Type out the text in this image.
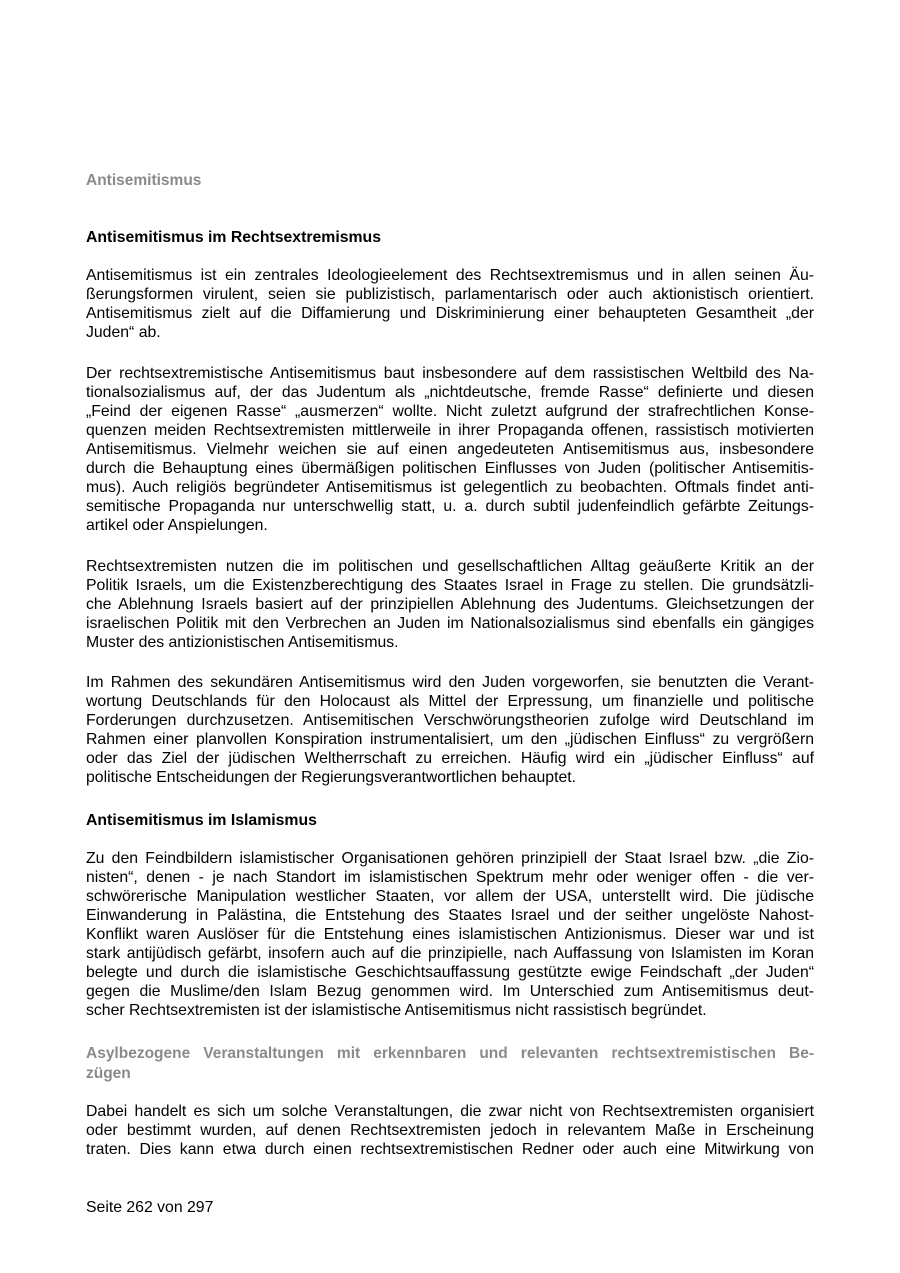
Antisemitismus
Antisemitismus im Rechtsextremismus
Antisemitismus ist ein zentrales Ideologieelement des Rechtsextremismus und in allen seinen Äu-
ßerungsformen virulent, seien sie publizistisch, parlamentarisch oder auch aktionistisch orientiert.
Antisemitismus zielt auf die Diffamierung und Diskriminierung einer behaupteten Gesamtheit „der
Juden“ ab.
Der rechtsextremistische Antisemitismus baut insbesondere auf dem rassistischen Weltbild des Na-
tionalsozialismus auf, der das Judentum als „nichtdeutsche, fremde Rasse“ definierte und diesen
„Feind der eigenen Rasse“ „ausmerzen“ wollte. Nicht zuletzt aufgrund der strafrechtlichen Konse-
quenzen meiden Rechtsextremisten mittlerweile in ihrer Propaganda offenen, rassistisch motivierten
Antisemitismus. Vielmehr weichen sie auf einen angedeuteten Antisemitismus aus, insbesondere
durch die Behauptung eines übermäßigen politischen Einflusses von Juden (politischer Antisemitis-
mus). Auch religiös begründeter Antisemitismus ist gelegentlich zu beobachten. Oftmals findet anti-
semitische Propaganda nur unterschwellig statt, u. a. durch subtil judenfeindlich gefärbte Zeitungs-
artikel oder Anspielungen.
Rechtsextremisten nutzen die im politischen und gesellschaftlichen Alltag geäußerte Kritik an der
Politik Israels, um die Existenzberechtigung des Staates Israel in Frage zu stellen. Die grundsätzli-
che Ablehnung Israels basiert auf der prinzipiellen Ablehnung des Judentums. Gleichsetzungen der
israelischen Politik mit den Verbrechen an Juden im Nationalsozialismus sind ebenfalls ein gängiges
Muster des antizionistischen Antisemitismus.
Im Rahmen des sekundären Antisemitismus wird den Juden vorgeworfen, sie benutzten die Verant-
wortung Deutschlands für den Holocaust als Mittel der Erpressung, um finanzielle und politische
Forderungen durchzusetzen. Antisemitischen Verschwörungstheorien zufolge wird Deutschland im
Rahmen einer planvollen Konspiration instrumentalisiert, um den „jüdischen Einfluss“ zu vergrößern
oder das Ziel der jüdischen Weltherrschaft zu erreichen. Häufig wird ein „jüdischer Einfluss“ auf
politische Entscheidungen der Regierungsverantwortlichen behauptet.
Antisemitismus im Islamismus
Zu den Feindbildern islamistischer Organisationen gehören prinzipiell der Staat Israel bzw. „die Zio-
nisten“, denen - je nach Standort im islamistischen Spektrum mehr oder weniger offen - die ver-
schwörerische Manipulation westlicher Staaten, vor allem der USA, unterstellt wird. Die jüdische
Einwanderung in Palästina, die Entstehung des Staates Israel und der seither ungelöste Nahost-
Konflikt waren Auslöser für die Entstehung eines islamistischen Antizionismus. Dieser war und ist
stark antijüdisch gefärbt, insofern auch auf die prinzipielle, nach Auffassung von Islamisten im Koran
belegte und durch die islamistische Geschichtsauffassung gestützte ewige Feindschaft „der Juden“
gegen die Muslime/den Islam Bezug genommen wird. Im Unterschied zum Antisemitismus deut-
scher Rechtsextremisten ist der islamistische Antisemitismus nicht rassistisch begründet.
Asylbezogene Veranstaltungen mit erkennbaren und relevanten rechtsextremistischen Be-
zügen
Dabei handelt es sich um solche Veranstaltungen, die zwar nicht von Rechtsextremisten organisiert
oder bestimmt wurden, auf denen Rechtsextremisten jedoch in relevantem Maße in Erscheinung
traten. Dies kann etwa durch einen rechtsextremistischen Redner oder auch eine Mitwirkung von
Seite 262 von 297
